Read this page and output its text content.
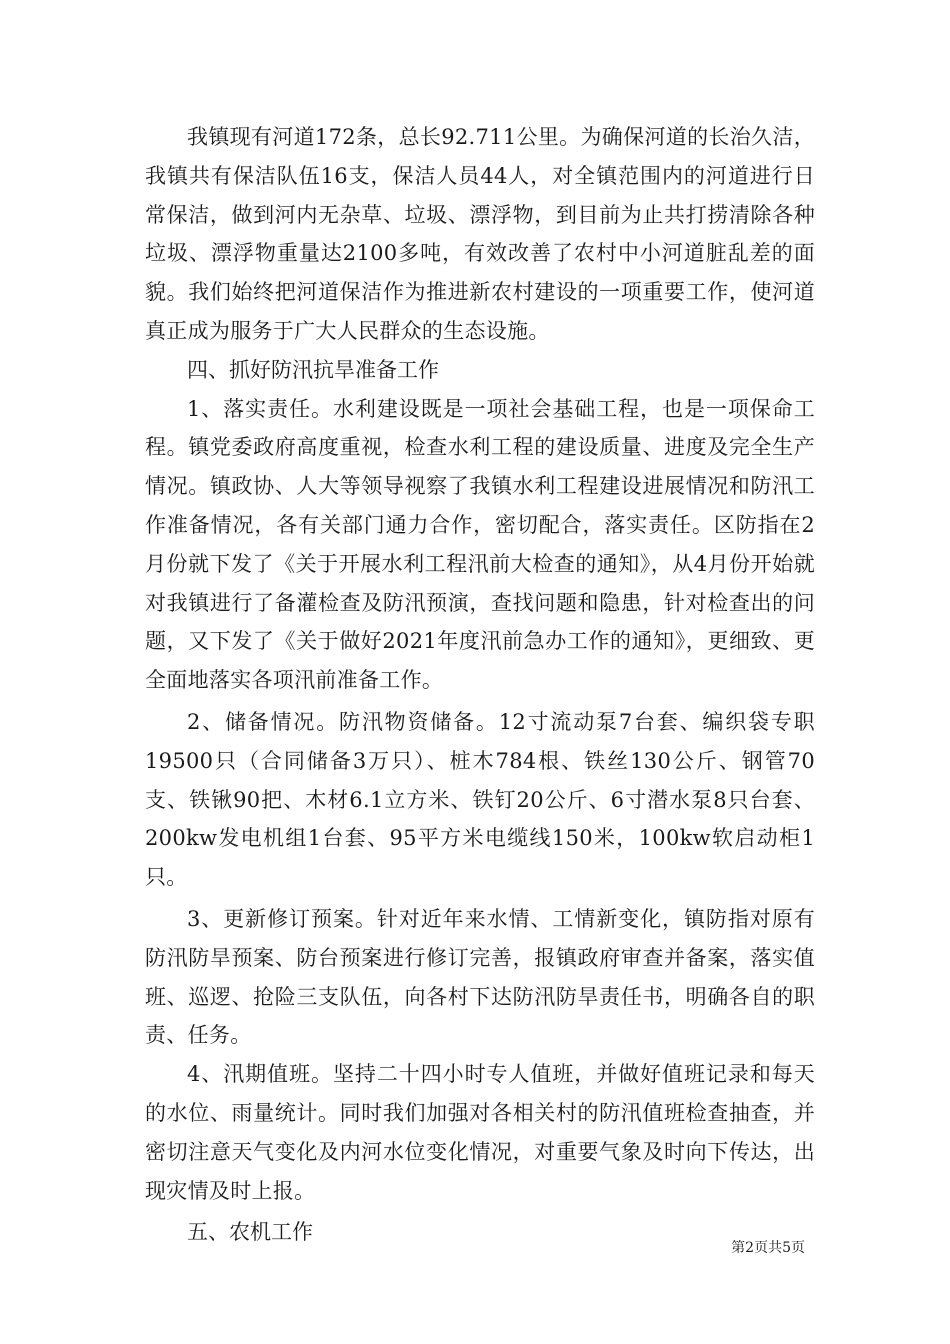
我镇现有河道172条，总长92.711公里。为确保河道的长治久洁，我镇共有保洁队伍16支，保洁人员44人，对全镇范围内的河道进行日常保洁，做到河内无杂草、垃圾、漂浮物，到目前为止共打捞清除各种垃圾、漂浮物重量达2100多吨，有效改善了农村中小河道脏乱差的面貌。我们始终把河道保洁作为推进新农村建设的一项重要工作，使河道真正成为服务于广大人民群众的生态设施。

四、抓好防汛抗旱准备工作

1、落实责任。水利建设既是一项社会基础工程，也是一项保命工程。镇党委政府高度重视，检查水利工程的建设质量、进度及完全生产情况。镇政协、人大等领导视察了我镇水利工程建设进展情况和防汛工作准备情况，各有关部门通力合作，密切配合，落实责任。区防指在2月份就下发了《关于开展水利工程汛前大检查的通知》，从4月份开始就对我镇进行了备灌检查及防汛预演，查找问题和隐患，针对检查出的问题，又下发了《关于做好2021年度汛前急办工作的通知》，更细致、更全面地落实各项汛前准备工作。

2、储备情况。防汛物资储备。12寸流动泵7台套、编织袋专职19500只（合同储备3万只）、桩木784根、铁丝130公斤、钢管70支、铁锹90把、木材6.1立方米、铁钉20公斤、6寸潜水泵8只台套、200kw发电机组1台套、95平方米电缆线150米，100kw软启动柜1只。

3、更新修订预案。针对近年来水情、工情新变化，镇防指对原有防汛防旱预案、防台预案进行修订完善，报镇政府审查并备案，落实值班、巡逻、抢险三支队伍，向各村下达防汛防旱责任书，明确各自的职责、任务。

4、汛期值班。坚持二十四小时专人值班，并做好值班记录和每天的水位、雨量统计。同时我们加强对各相关村的防汛值班检查抽查，并密切注意天气变化及内河水位变化情况，对重要气象及时向下传达，出现灾情及时上报。

五、农机工作

第2页共5页
